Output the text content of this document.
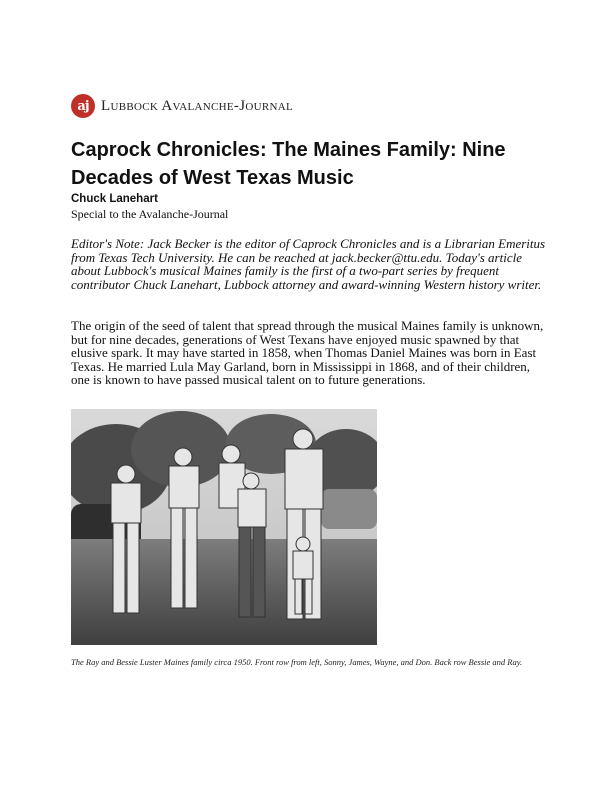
aj Lubbock Avalanche-Journal
Caprock Chronicles: The Maines Family: Nine Decades of West Texas Music
Chuck Lanehart
Special to the Avalanche-Journal

Editor's Note: Jack Becker is the editor of Caprock Chronicles and is a Librarian Emeritus from Texas Tech University. He can be reached at jack.becker@ttu.edu. Today's article about Lubbock's musical Maines family is the first of a two-part series by frequent contributor Chuck Lanehart, Lubbock attorney and award-winning Western history writer.

The origin of the seed of talent that spread through the musical Maines family is unknown, but for nine decades, generations of West Texans have enjoyed music spawned by that elusive spark. It may have started in 1858, when Thomas Daniel Maines was born in East Texas. He married Lula May Garland, born in Mississippi in 1868, and of their children, one is known to have passed musical talent on to future generations.

The Ray and Bessie Luster Maines family circa 1950. Front row from left, Sonny, James, Wayne, and Don. Back row Bessie and Ray.
